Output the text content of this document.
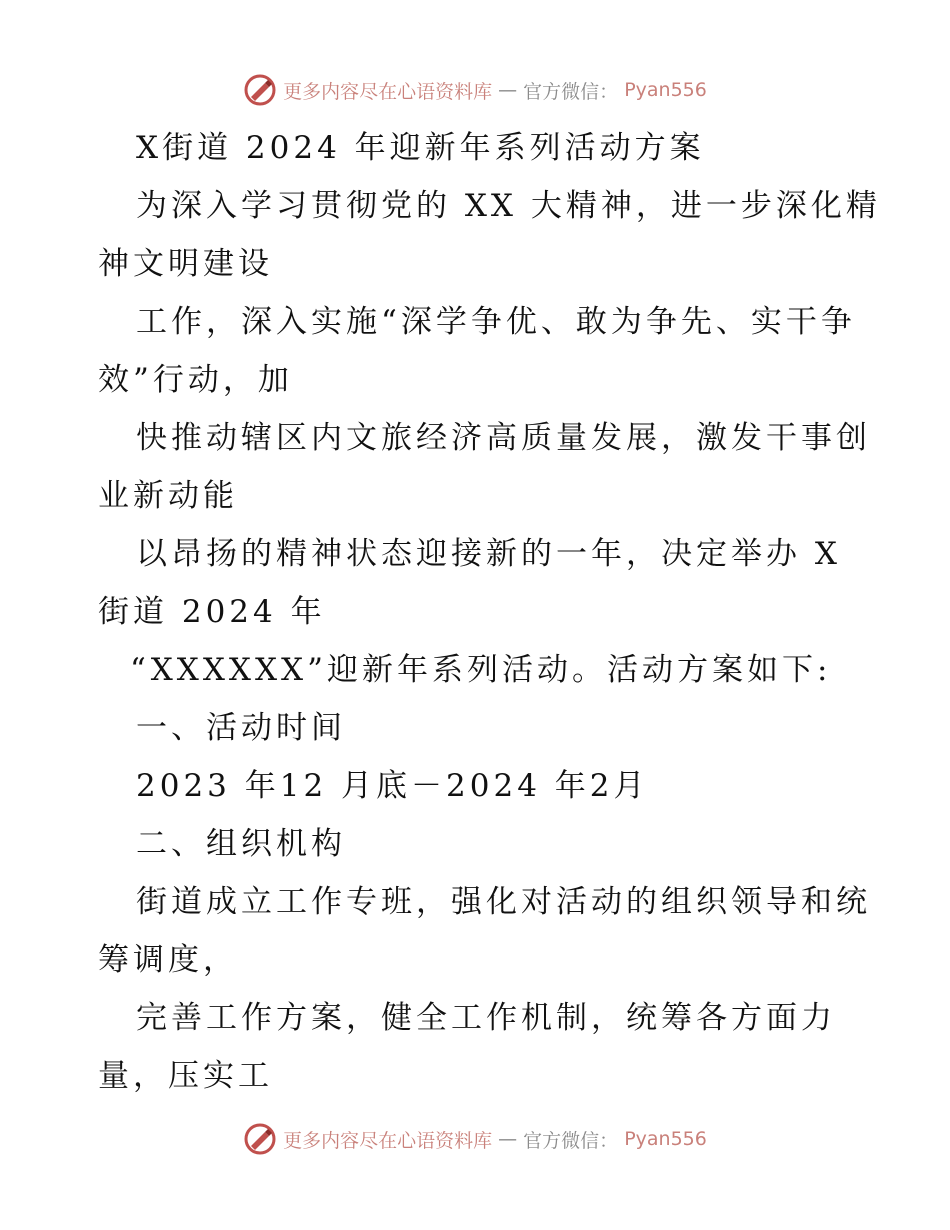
更多内容尽在心语资料库 — 官方微信： Pyan556
X街道 2024 年迎新年系列活动方案
为深入学习贯彻党的 XX 大精神，进一步深化精
神文明建设
工作，深入实施“深学争优、敢为争先、实干争
效”行动，加
快推动辖区内文旅经济高质量发展，激发干事创
业新动能
以昂扬的精神状态迎接新的一年，决定举办 X
街道 2024 年
“XXXXXX”迎新年系列活动。活动方案如下:
一、活动时间
2023 年12 月底－2024 年2月
二、组织机构
街道成立工作专班，强化对活动的组织领导和统
筹调度，
完善工作方案，健全工作机制，统筹各方面力
量，压实工
更多内容尽在心语资料库 — 官方微信： Pyan556
